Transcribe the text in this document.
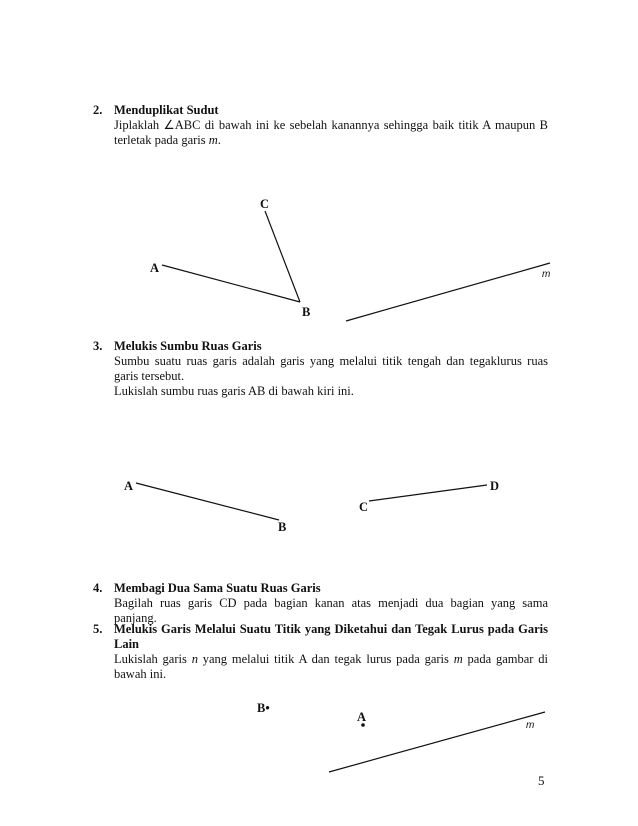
2. Menduplikat Sudut
Jiplaklah ∠ABC di bawah ini ke sebelah kanannya sehingga baik titik A maupun B
terletak pada garis m.
3. Melukis Sumbu Ruas Garis
Sumbu suatu ruas garis adalah garis yang melalui titik tengah dan tegaklurus ruas
garis tersebut.
Lukislah sumbu ruas garis AB di bawah kiri ini.
4. Membagi Dua Sama Suatu Ruas Garis
Bagilah ruas garis CD pada bagian kanan atas menjadi dua bagian yang sama
panjang.
5. Melukis Garis Melalui Suatu Titik yang Diketahui dan Tegak Lurus pada Garis
Lain
Lukislah garis n yang melalui titik A dan tegak lurus pada garis m pada gambar di
bawah ini.
C
A
B
m
A
B
C
D
B•
A
m
5
